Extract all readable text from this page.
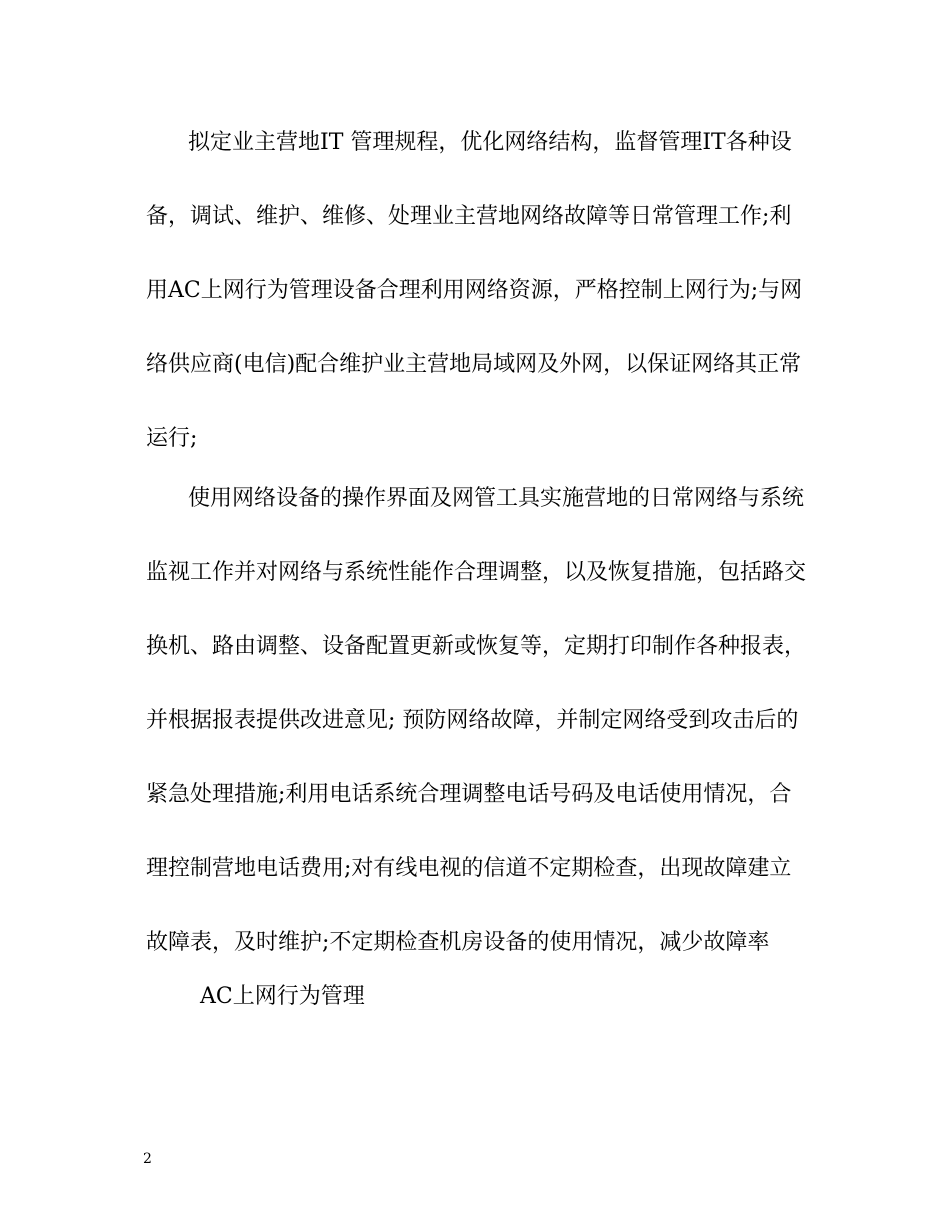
拟定业主营地IT 管理规程，优化网络结构，监督管理IT各种设
备，调试、维护、维修、处理业主营地网络故障等日常管理工作;利
用AC上网行为管理设备合理利用网络资源，严格控制上网行为;与网
络供应商(电信)配合维护业主营地局域网及外网，以保证网络其正常
运行;
使用网络设备的操作界面及网管工具实施营地的日常网络与系统
监视工作并对网络与系统性能作合理调整，以及恢复措施，包括路交
换机、路由调整、设备配置更新或恢复等，定期打印制作各种报表，
并根据报表提供改进意见; 预防网络故障，并制定网络受到攻击后的
紧急处理措施;利用电话系统合理调整电话号码及电话使用情况，合
理控制营地电话费用;对有线电视的信道不定期检查，出现故障建立
故障表，及时维护;不定期检查机房设备的使用情况，减少故障率
AC上网行为管理
2
